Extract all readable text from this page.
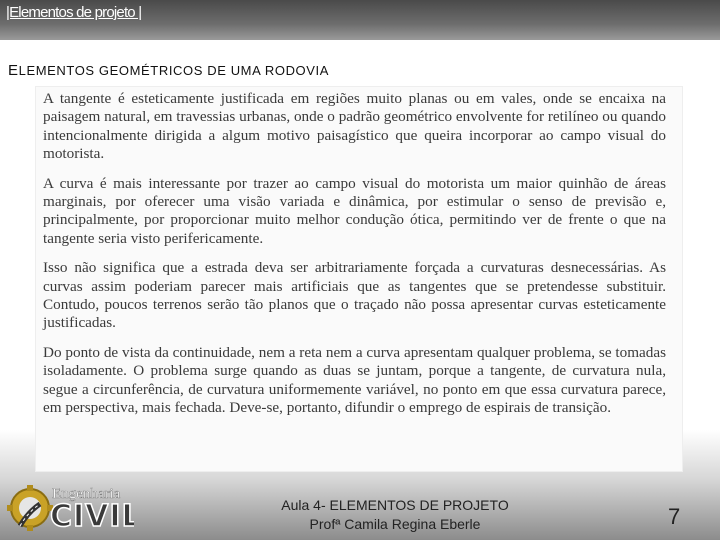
|Elementos de projeto |
ELEMENTOS GEOMÉTRICOS DE UMA RODOVIA

A tangente é esteticamente justificada em regiões muito planas ou em vales, onde se encaixa na paisagem natural, em travessias urbanas, onde o padrão geométrico envolvente for retilíneo ou quando intencionalmente dirigida a algum motivo paisagístico que queira incorporar ao campo visual do motorista.

A curva é mais interessante por trazer ao campo visual do motorista um maior quinhão de áreas marginais, por oferecer uma visão variada e dinâmica, por estimular o senso de previsão e, principalmente, por proporcionar muito melhor condução ótica, permitindo ver de frente o que na tangente seria visto perifericamente.

Isso não significa que a estrada deva ser arbitrariamente forçada a curvaturas desnecessárias. As curvas assim poderiam parecer mais artificiais que as tangentes que se pretendesse substituir. Contudo, poucos terrenos serão tão planos que o traçado não possa apresentar curvas esteticamente justificadas.

Do ponto de vista da continuidade, nem a reta nem a curva apresentam qualquer problema, se tomadas isoladamente. O problema surge quando as duas se juntam, porque a tangente, de curvatura nula, segue a circunferência, de curvatura uniformemente variável, no ponto em que essa curvatura parece, em perspectiva, mais fechada. Deve-se, portanto, difundir o emprego de espirais de transição.

Engenharia
CIVIL	Aula 4- ELEMENTOS DE PROJETO
Profª Camila Regina Eberle	7
